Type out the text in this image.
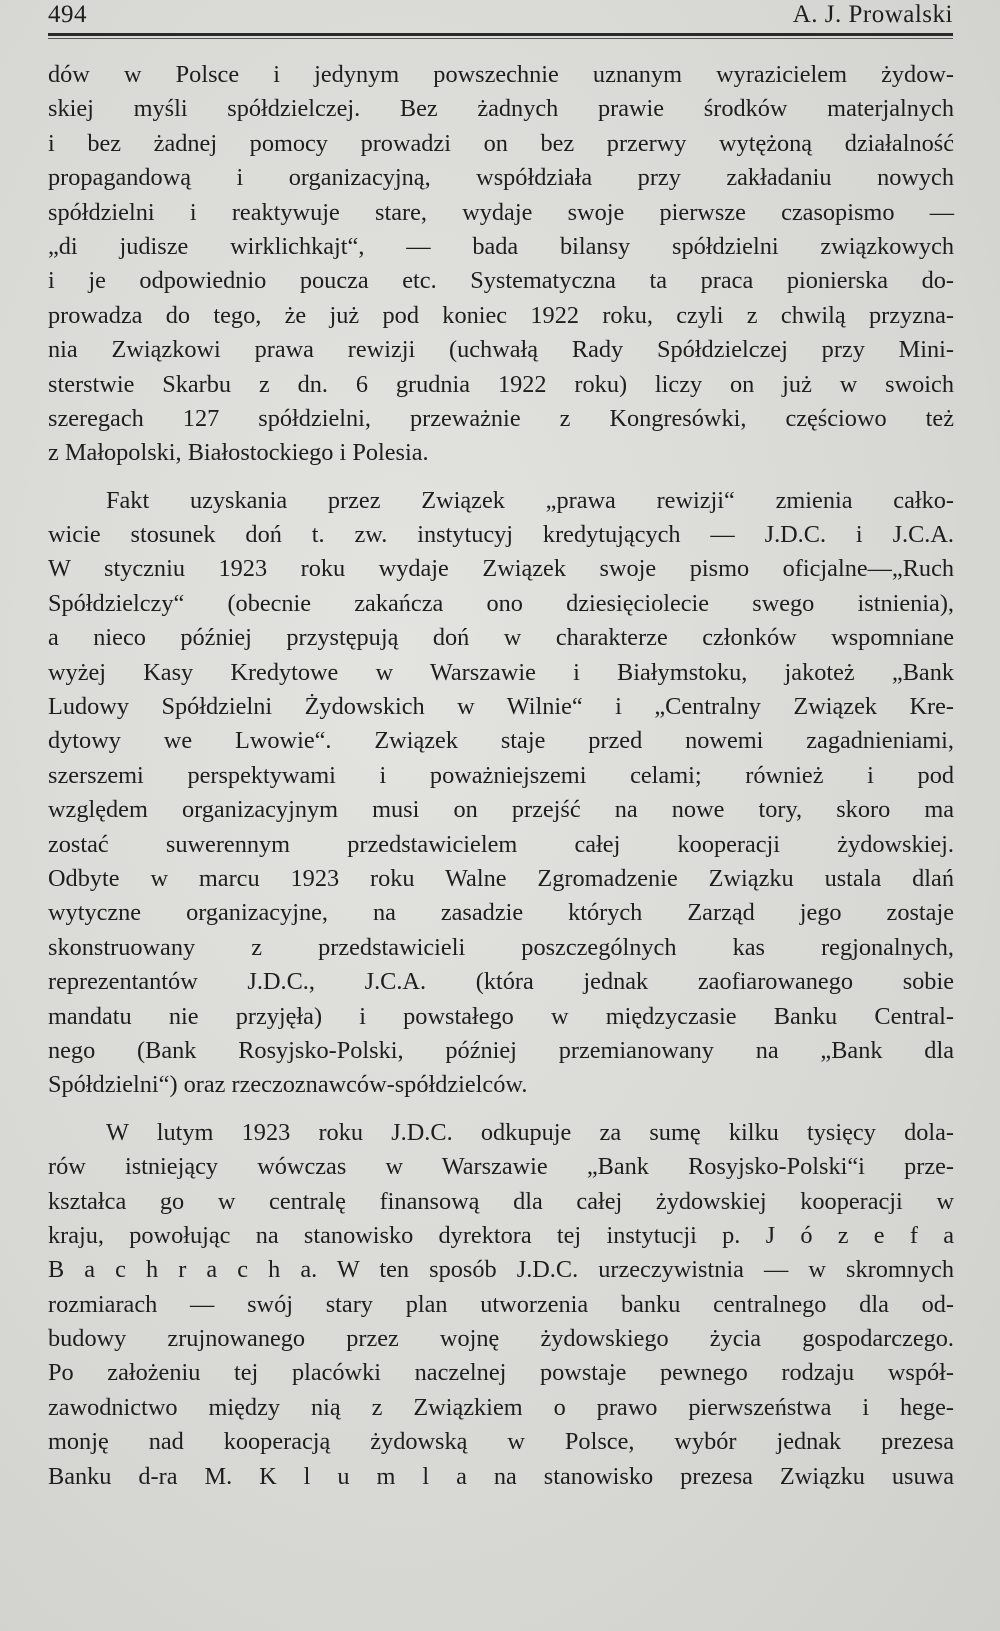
494	A. J. Prowalski
dów w Polsce i jedynym powszechnie uznanym wyrazicielem żydow-
skiej myśli spółdzielczej. Bez żadnych prawie środków materjalnych
i bez żadnej pomocy prowadzi on bez przerwy wytężoną działalność
propagandową i organizacyjną, współdziała przy zakładaniu nowych
spółdzielni i reaktywuje stare, wydaje swoje pierwsze czasopismo —
„di judisze wirklichkajt“, — bada bilansy spółdzielni związkowych
i je odpowiednio poucza etc. Systematyczna ta praca pionierska do-
prowadza do tego, że już pod koniec 1922 roku, czyli z chwilą przyzna-
nia Związkowi prawa rewizji (uchwałą Rady Spółdzielczej przy Mini-
sterstwie Skarbu z dn. 6 grudnia 1922 roku) liczy on już w swoich
szeregach 127 spółdzielni, przeważnie z Kongresówki, częściowo też
z Małopolski, Białostockiego i Polesia.
Fakt uzyskania przez Związek „prawa rewizji“ zmienia całko-
wicie stosunek doń t. zw. instytucyj kredytujących — J.D.C. i J.C.A.
W styczniu 1923 roku wydaje Związek swoje pismo oficjalne—„Ruch
Spółdzielczy“ (obecnie zakańcza ono dziesięciolecie swego istnienia),
a nieco później przystępują doń w charakterze członków wspomniane
wyżej Kasy Kredytowe w Warszawie i Białymstoku, jakoteż „Bank
Ludowy Spółdzielni Żydowskich w Wilnie“ i „Centralny Związek Kre-
dytowy we Lwowie“. Związek staje przed nowemi zagadnieniami,
szerszemi perspektywami i poważniejszemi celami; również i pod
względem organizacyjnym musi on przejść na nowe tory, skoro ma
zostać suwerennym przedstawicielem całej kooperacji żydowskiej.
Odbyte w marcu 1923 roku Walne Zgromadzenie Związku ustala dlań
wytyczne organizacyjne, na zasadzie których Zarząd jego zostaje
skonstruowany z przedstawicieli poszczególnych kas regjonalnych,
reprezentantów J.D.C., J.C.A. (która jednak zaofiarowanego sobie
mandatu nie przyjęła) i powstałego w międzyczasie Banku Central-
nego (Bank Rosyjsko-Polski, później przemianowany na „Bank dla
Spółdzielni“) oraz rzeczoznawców-spółdzielców.
W lutym 1923 roku J.D.C. odkupuje za sumę kilku tysięcy dola-
rów istniejący wówczas w Warszawie „Bank Rosyjsko-Polski“i prze-
kształca go w centralę finansową dla całej żydowskiej kooperacji w
kraju, powołując na stanowisko dyrektora tej instytucji p. J ó z e f a
B a c h r a c h a. W ten sposób J.D.C. urzeczywistnia — w skromnych
rozmiarach — swój stary plan utworzenia banku centralnego dla od-
budowy zrujnowanego przez wojnę żydowskiego życia gospodarczego.
Po założeniu tej placówki naczelnej powstaje pewnego rodzaju współ-
zawodnictwo między nią z Związkiem o prawo pierwszeństwa i hege-
monję nad kooperacją żydowską w Polsce, wybór jednak prezesa
Banku d-ra M. K l u m l a na stanowisko prezesa Związku usuwa
